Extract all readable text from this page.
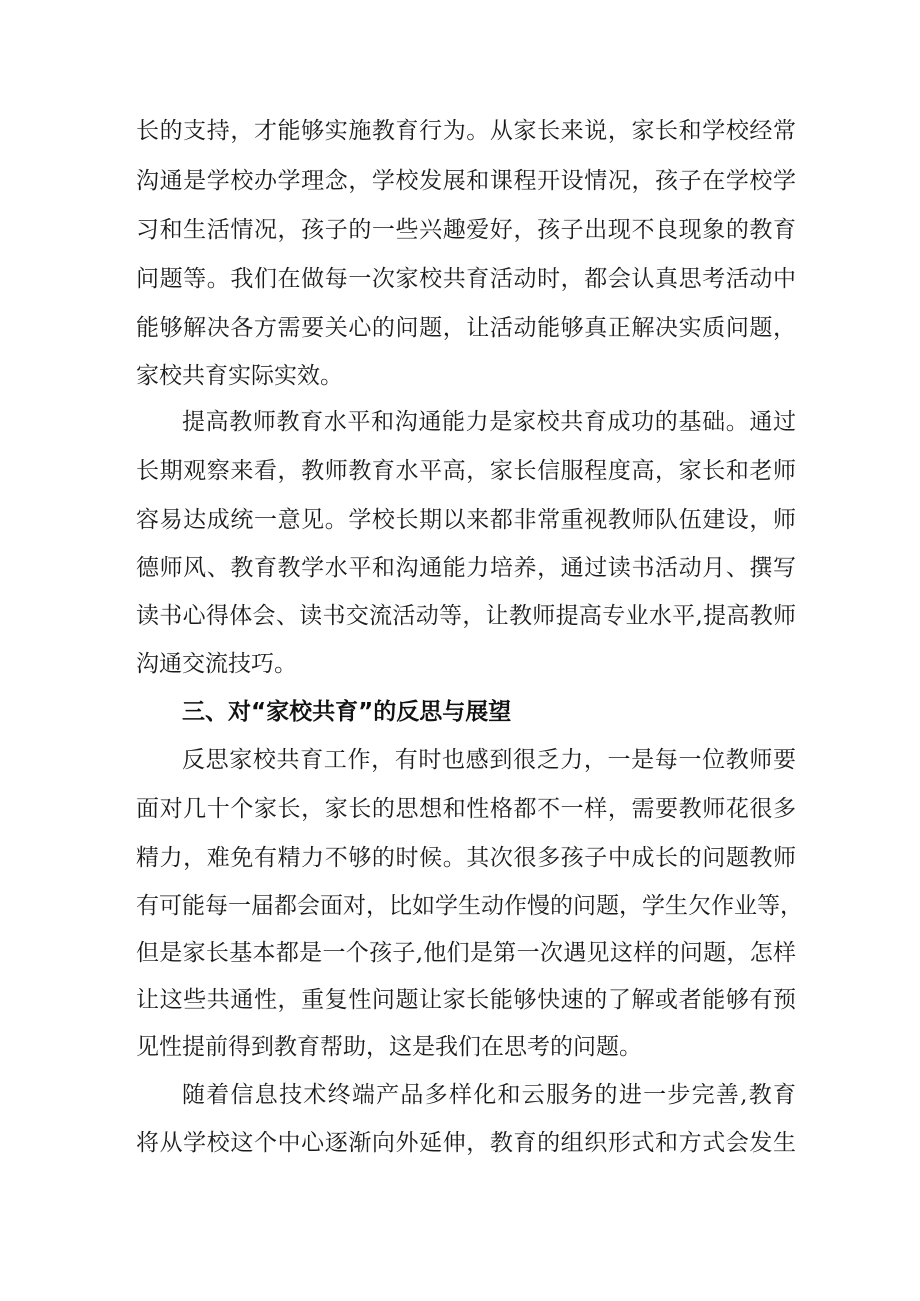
长的支持，才能够实施教育行为。从家长来说，家长和学校经常
沟通是学校办学理念，学校发展和课程开设情况，孩子在学校学
习和生活情况，孩子的一些兴趣爱好，孩子出现不良现象的教育
问题等。我们在做每一次家校共育活动时，都会认真思考活动中
能够解决各方需要关心的问题，让活动能够真正解决实质问题，
家校共育实际实效。
提高教师教育水平和沟通能力是家校共育成功的基础。通过
长期观察来看，教师教育水平高，家长信服程度高，家长和老师
容易达成统一意见。学校长期以来都非常重视教师队伍建设，师
德师风、教育教学水平和沟通能力培养，通过读书活动月、撰写
读书心得体会、读书交流活动等，让教师提高专业水平,提高教师
沟通交流技巧。
三、对“家校共育”的反思与展望
反思家校共育工作，有时也感到很乏力，一是每一位教师要
面对几十个家长，家长的思想和性格都不一样，需要教师花很多
精力，难免有精力不够的时候。其次很多孩子中成长的问题教师
有可能每一届都会面对，比如学生动作慢的问题，学生欠作业等，
但是家长基本都是一个孩子,他们是第一次遇见这样的问题，怎样
让这些共通性，重复性问题让家长能够快速的了解或者能够有预
见性提前得到教育帮助，这是我们在思考的问题。
随着信息技术终端产品多样化和云服务的进一步完善,教育
将从学校这个中心逐渐向外延伸，教育的组织形式和方式会发生
